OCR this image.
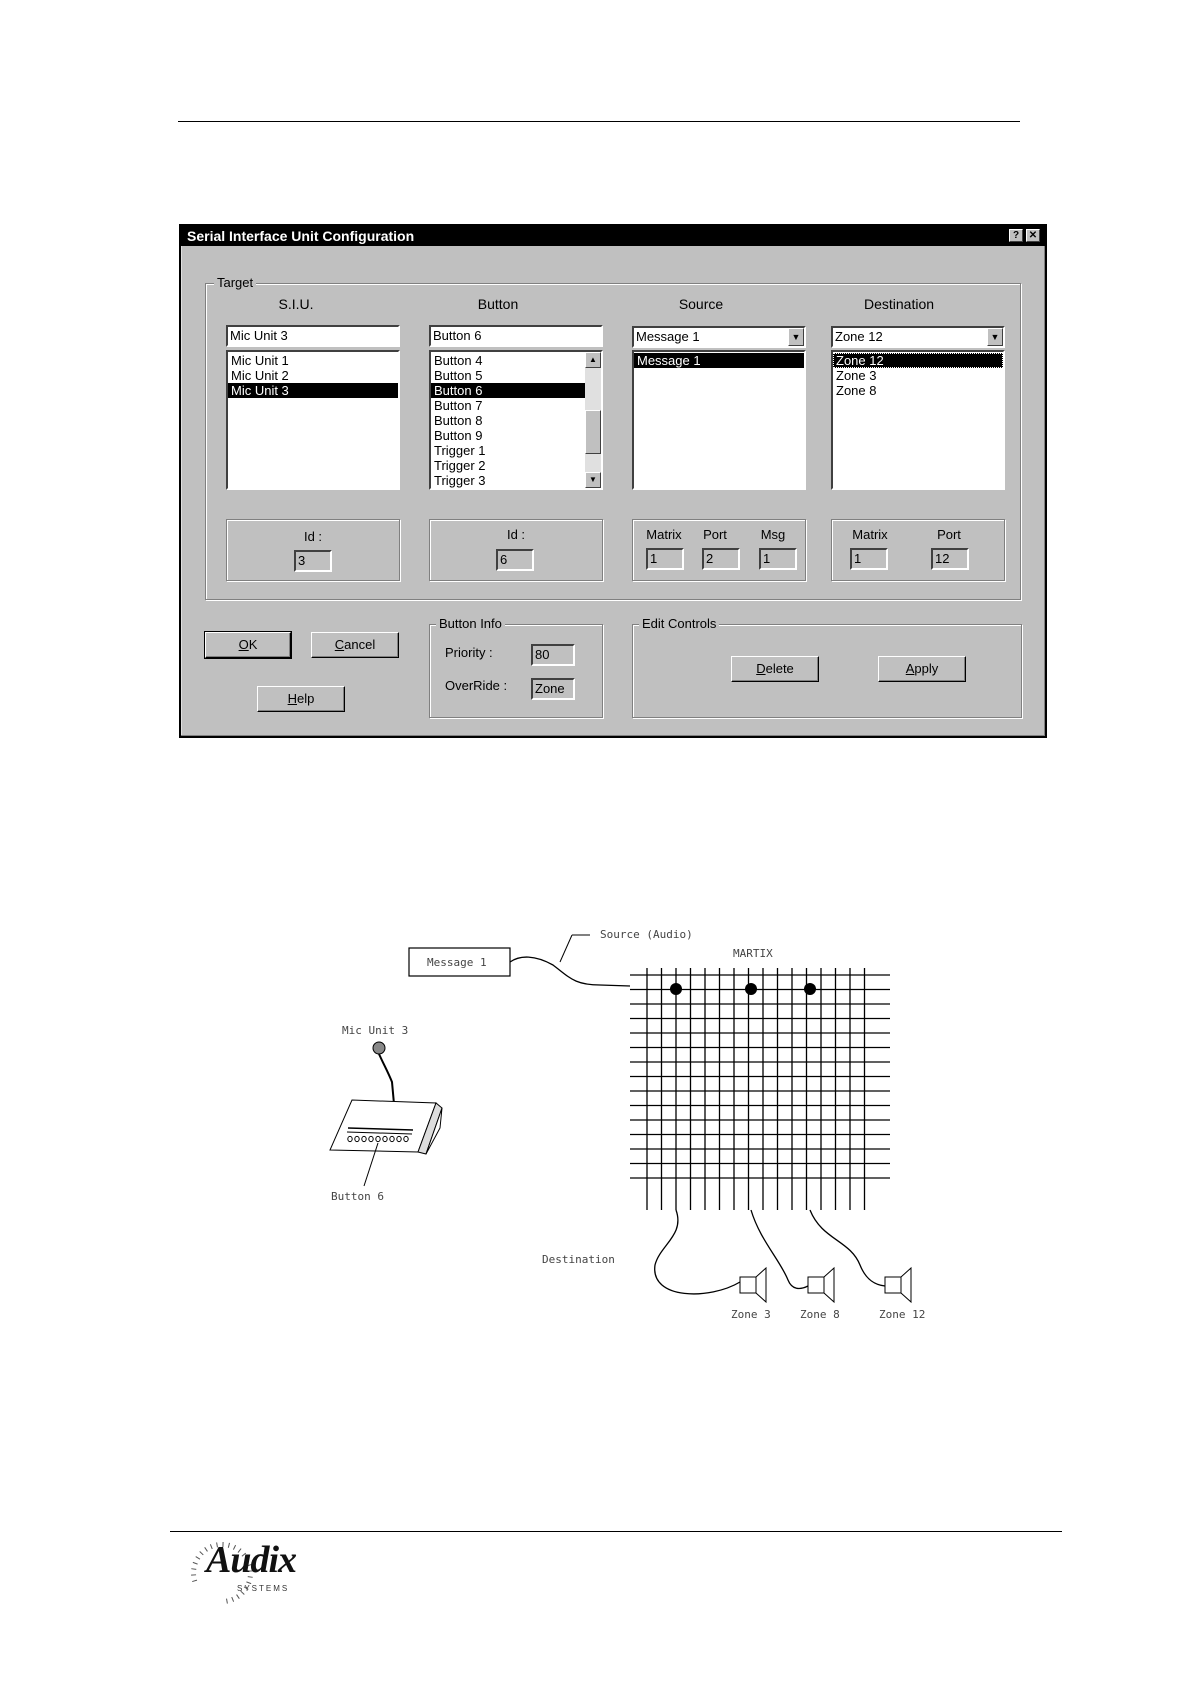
Serial Interface Unit Configuration	? ✕
Target
S.I.U.	Button	Source	Destination
Mic Unit 3
Mic Unit 1
Mic Unit 2
Mic Unit 3
Button 6
Button 4
Button 5
Button 6
Button 7
Button 8
Button 9
Trigger 1
Trigger 2
Trigger 3
▲
▼
Message 1	▼
Message 1
Zone 12	▼
Zone 12
Zone 3
Zone 8
Id :
3
Id :
6
Matrix	Port	Msg
1	2	1
Matrix	Port
1	12
OK	Cancel
Help
Button Info
Priority :	80
OverRide :	Zone
Edit Controls
Delete	Apply
Message 1
Source (Audio)
MARTIX
Destination
Zone 3	Zone 8	Zone 12
Mic Unit 3
Button 6
Audix
SYSTEMS
